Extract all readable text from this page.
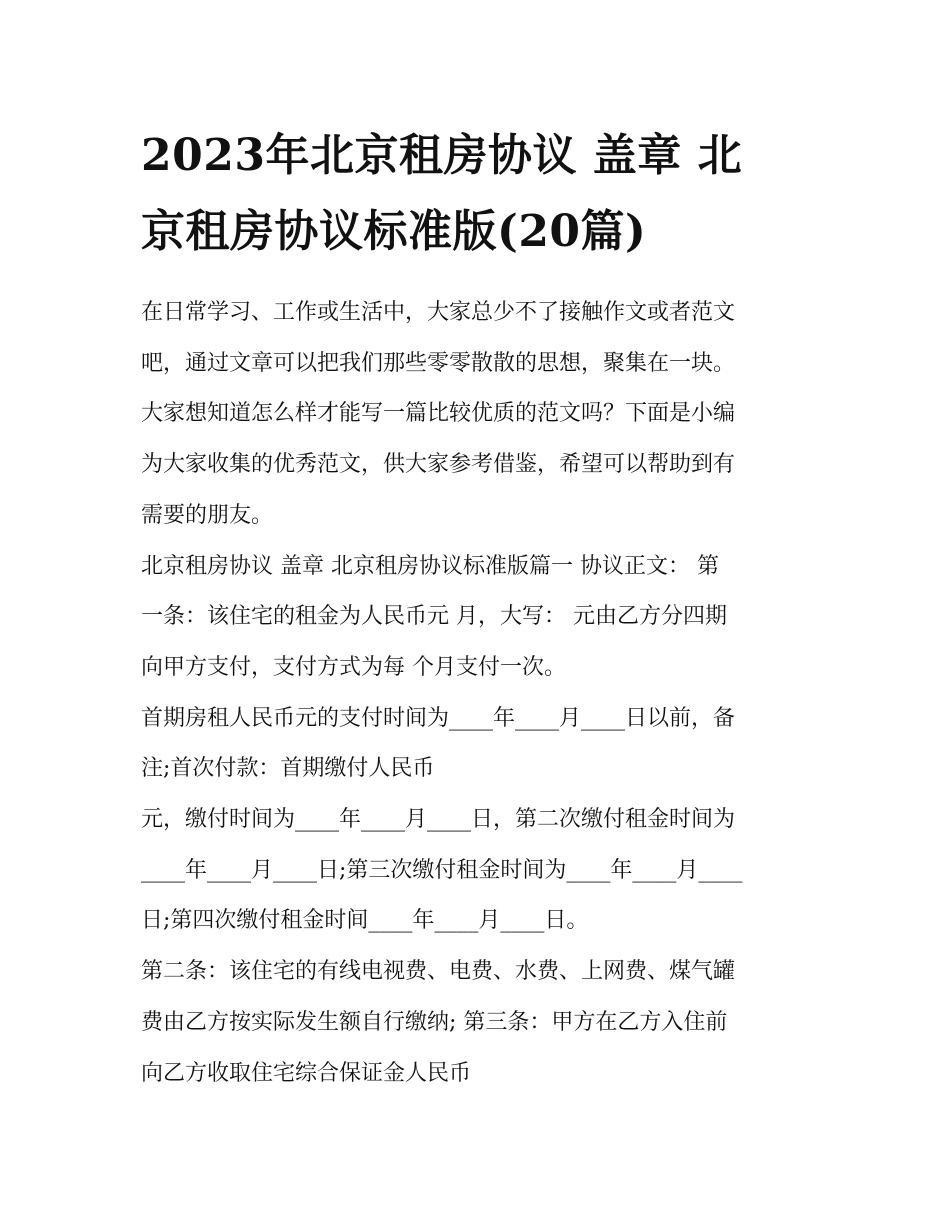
2023年北京租房协议 盖章 北
京租房协议标准版(20篇)
在日常学习、工作或生活中，大家总少不了接触作文或者范文
吧，通过文章可以把我们那些零零散散的思想，聚集在一块。
大家想知道怎么样才能写一篇比较优质的范文吗？下面是小编
为大家收集的优秀范文，供大家参考借鉴，希望可以帮助到有
需要的朋友。
北京租房协议 盖章 北京租房协议标准版篇一 协议正文： 第
一条：该住宅的租金为人民币元 月，大写： 元由乙方分四期
向甲方支付，支付方式为每 个月支付一次。
首期房租人民币元的支付时间为____年____月____日以前，备
注;首次付款：首期缴付人民币
元，缴付时间为____年____月____日，第二次缴付租金时间为
____年____月____日;第三次缴付租金时间为____年____月____
日;第四次缴付租金时间____年____月____日。
第二条：该住宅的有线电视费、电费、水费、上网费、煤气罐
费由乙方按实际发生额自行缴纳; 第三条：甲方在乙方入住前
向乙方收取住宅综合保证金人民币
